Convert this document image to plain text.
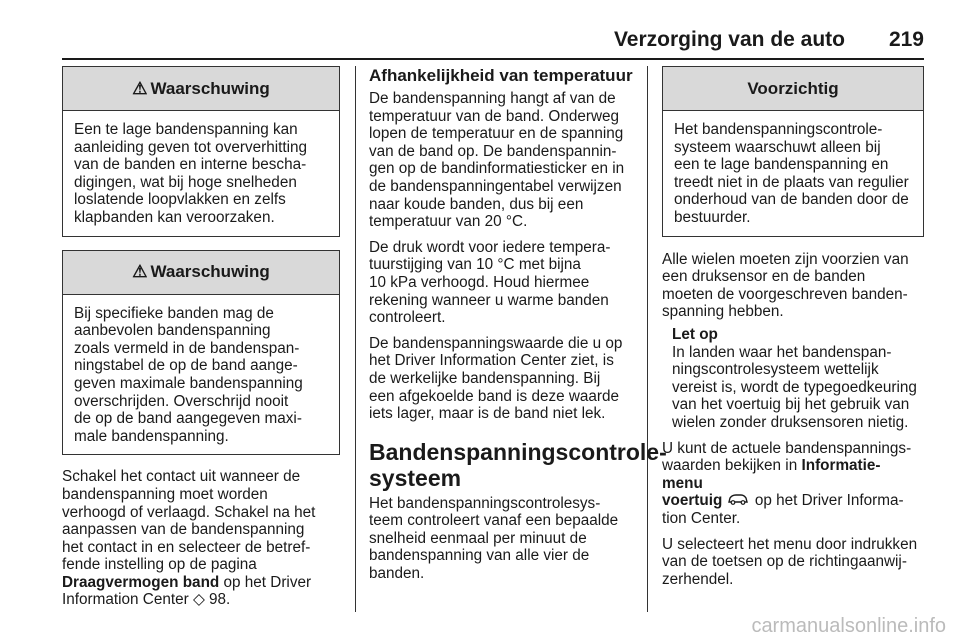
Verzorging van de auto 219
⚠ Waarschuwing

Een te lage bandenspanning kan
aanleiding geven tot oververhitting
van de banden en interne bescha-
digingen, wat bij hoge snelheden
loslatende loopvlakken en zelfs
klapbanden kan veroorzaken.

⚠ Waarschuwing

Bij specifieke banden mag de
aanbevolen bandenspanning
zoals vermeld in de bandenspan-
ningstabel de op de band aange-
geven maximale bandenspanning
overschrijden. Overschrijd nooit
de op de band aangegeven maxi-
male bandenspanning.

Schakel het contact uit wanneer de
bandenspanning moet worden
verhoogd of verlaagd. Schakel na het
aanpassen van de bandenspanning
het contact in en selecteer de betref-
fende instelling op de pagina
Draagvermogen band op het Driver
Information Center ◇ 98.

Afhankelijkheid van temperatuur

De bandenspanning hangt af van de
temperatuur van de band. Onderweg
lopen de temperatuur en de spanning
van de band op. De bandenspannin-
gen op de bandinformatiesticker en in
de bandenspanningentabel verwijzen
naar koude banden, dus bij een
temperatuur van 20 °C.

De druk wordt voor iedere tempera-
tuurstijging van 10 °C met bijna
10 kPa verhoogd. Houd hiermee
rekening wanneer u warme banden
controleert.

De bandenspanningswaarde die u op
het Driver Information Center ziet, is
de werkelijke bandenspanning. Bij
een afgekoelde band is deze waarde
iets lager, maar is de band niet lek.

Bandenspanningscontrole-
systeem

Het bandenspanningscontrolesys-
teem controleert vanaf een bepaalde
snelheid eenmaal per minuut de
bandenspanning van alle vier de
banden.

Voorzichtig

Het bandenspanningscontrole-
systeem waarschuwt alleen bij
een te lage bandenspanning en
treedt niet in de plaats van regulier
onderhoud van de banden door de
bestuurder.

Alle wielen moeten zijn voorzien van
een druksensor en de banden
moeten de voorgeschreven banden-
spanning hebben.

Let op
In landen waar het bandenspan-
ningscontrolesysteem wettelijk
vereist is, wordt de typegoedkeuring
van het voertuig bij het gebruik van
wielen zonder druksensoren nietig.

U kunt de actuele bandenspannings-
waarden bekijken in Informatie- menu
voertuig  op het Driver Informa-
tion Center.

U selecteert het menu door indrukken
van de toetsen op de richtingaanwij-
zerhendel.

carmanualsonline.info
